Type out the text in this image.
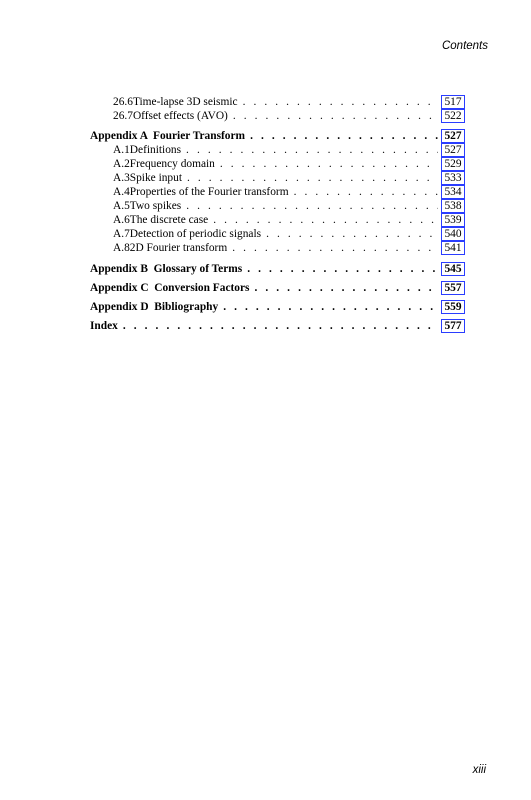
Contents
26.6 Time-lapse 3D seismic . . .	517
26.7 Offset effects (AVO) . . .	522
Appendix A  Fourier Transform . . .	527
A.1 Definitions . . .	527
A.2 Frequency domain . . .	529
A.3 Spike input . . .	533
A.4 Properties of the Fourier transform . . .	534
A.5 Two spikes . . .	538
A.6 The discrete case . . .	539
A.7 Detection of periodic signals . . .	540
A.8 2D Fourier transform . . .	541
Appendix B  Glossary of Terms . . .	545
Appendix C  Conversion Factors . . .	557
Appendix D  Bibliography . . .	559
Index . . .	577
xiii
